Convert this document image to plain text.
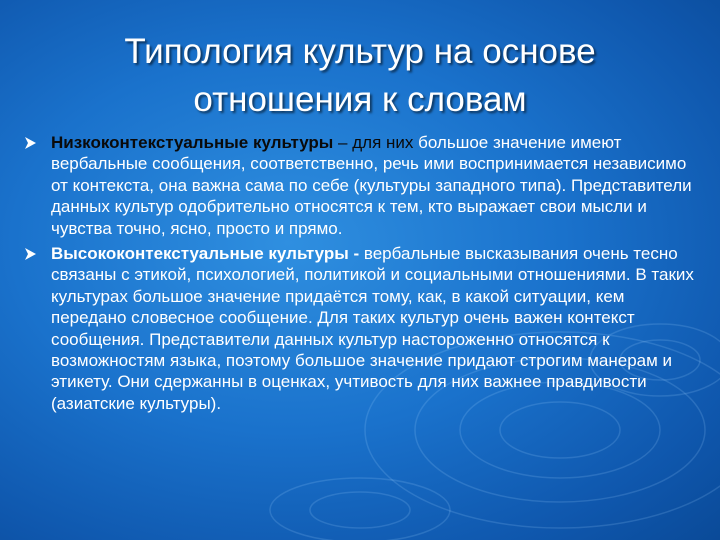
Типология культур на основе
отношения к словам
Низкоконтекстуальные культуры – для них большое значение имеют вербальные сообщения, соответственно, речь ими воспринимается независимо от контекста, она важна сама по себе (культуры западного типа). Представители данных культур одобрительно относятся к тем, кто выражает свои мысли и чувства точно, ясно, просто и прямо.
Высококонтекстуальные культуры - вербальные высказывания очень тесно связаны с этикой, психологией, политикой и социальными отношениями. В таких культурах большое значение придаётся тому, как, в какой ситуации, кем передано словесное сообщение. Для таких культур очень важен контекст сообщения. Представители данных культур настороженно относятся к возможностям языка, поэтому большое значение придают строгим манерам и этикету. Они сдержанны в оценках, учтивость для них важнее правдивости (азиатские культуры).
